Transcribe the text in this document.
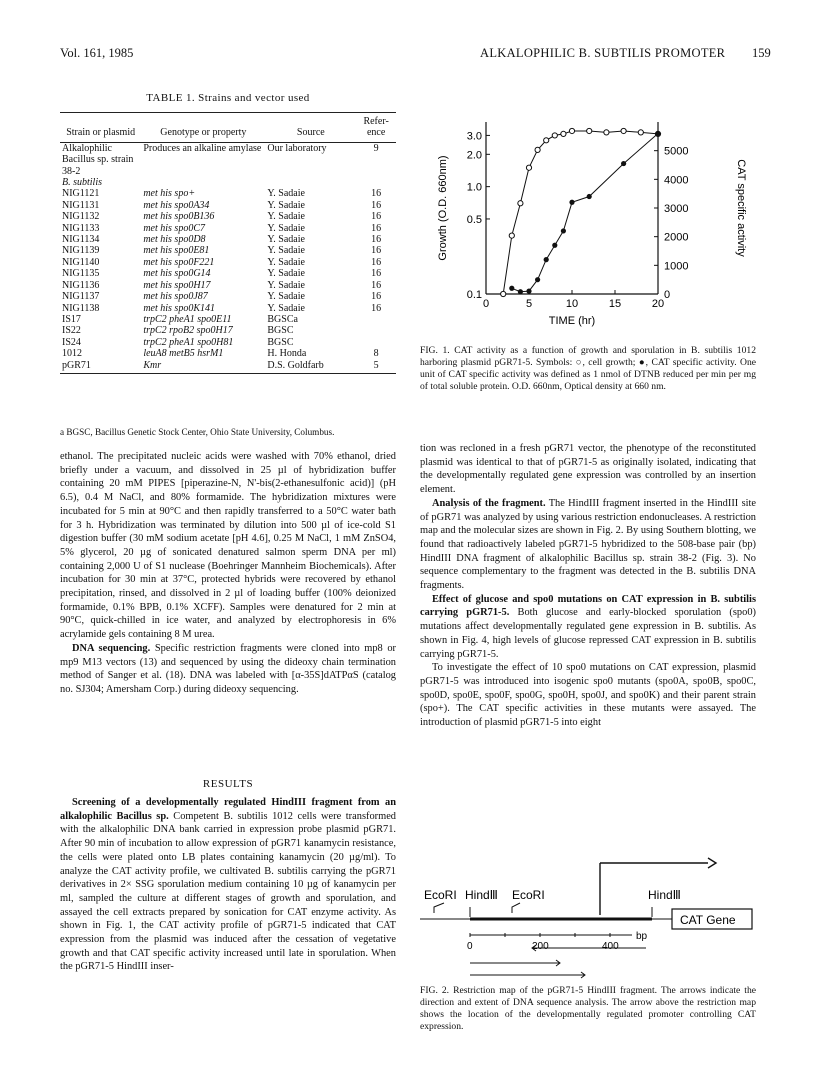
Vol. 161, 1985	ALKALOPHILIC B. SUBTILIS PROMOTER 159
TABLE 1. Strains and vector used
Strain or plasmid	Genotype or property	Source	Refer-ence
Alkalophilic Bacillus sp. strain 38-2	Produces an alkaline amylase	Our laboratory	9
B. subtilis			
NIG1121	met his spo+	Y. Sadaie	16
NIG1131	met his spo0A34	Y. Sadaie	16
NIG1132	met his spo0B136	Y. Sadaie	16
NIG1133	met his spo0C7	Y. Sadaie	16
NIG1134	met his spo0D8	Y. Sadaie	16
NIG1139	met his spo0E81	Y. Sadaie	16
NIG1140	met his spo0F221	Y. Sadaie	16
NIG1135	met his spo0G14	Y. Sadaie	16
NIG1136	met his spo0H17	Y. Sadaie	16
NIG1137	met his spo0J87	Y. Sadaie	16
NIG1138	met his spo0K141	Y. Sadaie	16
IS17	trpC2 pheA1 spo0E11	BGSCa	
IS22	trpC2 rpoB2 spo0H17	BGSC	
IS24	trpC2 pheA1 spo0H81	BGSC	
1012	leuA8 metB5 hsrM1	H. Honda	8
pGR71	Kmr	D.S. Goldfarb	5
a BGSC, Bacillus Genetic Stock Center, Ohio State University, Columbus.

ethanol. The precipitated nucleic acids were washed with 70% ethanol, dried briefly under a vacuum, and dissolved in 25 µl of hybridization buffer containing 20 mM PIPES [piperazine-N, N'-bis(2-ethanesulfonic acid)] (pH 6.5), 0.4 M NaCl, and 80% formamide. The hybridization mixtures were incubated for 5 min at 90°C and then rapidly transferred to a 50°C water bath for 3 h. Hybridization was terminated by dilution into 500 µl of ice-cold S1 digestion buffer (30 mM sodium acetate [pH 4.6], 0.25 M NaCl, 1 mM ZnSO4, 5% glycerol, 20 µg of sonicated denatured salmon sperm DNA per ml) containing 2,000 U of S1 nuclease (Boehringer Mannheim Biochemicals). After incubation for 30 min at 37°C, protected hybrids were recovered by ethanol precipitation, rinsed, and dissolved in 2 µl of loading buffer (100% deionized formamide, 0.1% BPB, 0.1% XCFF). Samples were denatured for 2 min at 90°C, quick-chilled in ice water, and analyzed by electrophoresis in 6% acrylamide gels containing 8 M urea.

DNA sequencing. Specific restriction fragments were cloned into mp8 or mp9 M13 vectors (13) and sequenced by using the dideoxy chain termination method of Sanger et al. (18). DNA was labeled with [α-35S]dATPαS (catalog no. SJ304; Amersham Corp.) during dideoxy sequencing.

RESULTS

Screening of a developmentally regulated HindIII fragment from an alkalophilic Bacillus sp. Competent B. subtilis 1012 cells were transformed with the alkalophilic DNA bank carried in expression probe plasmid pGR71. After 90 min of incubation to allow expression of pGR71 kanamycin resistance, the cells were plated onto LB plates containing kanamycin (20 µg/ml). To analyze the CAT activity profile, we cultivated B. subtilis carrying the pGR71 derivatives in 2× SSG sporulation medium containing 10 µg of kanamycin per ml, sampled the culture at different stages of growth and sporulation, and assayed the cell extracts prepared by sonication for CAT enzyme activity. As shown in Fig. 1, the CAT activity profile of pGR71-5 indicated that CAT expression from the plasmid was induced after the cessation of vegetative growth and that CAT specific activity increased until late in sporulation. When the pGR71-5 HindIII inser-

0	5	10	15	20
TIME (hr)
0.1
0.5
1.0
2.0
3.0
Growth (O.D. 660nm)
0
1000
2000
3000
4000
5000
CAT specific activity
FIG. 1. CAT activity as a function of growth and sporulation in B. subtilis 1012 harboring plasmid pGR71-5. Symbols: ○, cell growth; ●, CAT specific activity. One unit of CAT specific activity was defined as 1 nmol of DTNB reduced per min per mg of total soluble protein. O.D. 660nm, Optical density at 660 nm.

tion was recloned in a fresh pGR71 vector, the phenotype of the reconstituted plasmid was identical to that of pGR71-5 as originally isolated, indicating that the developmentally regulated gene expression was controlled by an insertion element.

Analysis of the fragment. The HindIII fragment inserted in the HindIII site of pGR71 was analyzed by using various restriction endonucleases. A restriction map and the molecular sizes are shown in Fig. 2. By using Southern blotting, we found that radioactively labeled pGR71-5 hybridized to the 508-base pair (bp) HindIII DNA fragment of alkalophilic Bacillus sp. strain 38-2 (Fig. 3). No sequence complementary to the fragment was detected in the B. subtilis DNA fragments.

Effect of glucose and spo0 mutations on CAT expression in B. subtilis carrying pGR71-5. Both glucose and early-blocked sporulation (spo0) mutations affect developmentally regulated gene expression in B. subtilis. As shown in Fig. 4, high levels of glucose repressed CAT expression in B. subtilis carrying pGR71-5.

To investigate the effect of 10 spo0 mutations on CAT expression, plasmid pGR71-5 was introduced into isogenic spo0 mutants (spo0A, spo0B, spo0C, spo0D, spo0E, spo0F, spo0G, spo0H, spo0J, and spo0K) and their parent strain (spo+). The CAT specific activities in these mutants were assayed. The introduction of plasmid pGR71-5 into eight

EcoRI HindⅢ EcoRI	HindⅢ
CAT Gene
0	200	400
bp
FIG. 2. Restriction map of the pGR71-5 HindIII fragment. The arrows indicate the direction and extent of DNA sequence analysis. The arrow above the restriction map shows the location of the developmentally regulated promoter controlling CAT expression.
